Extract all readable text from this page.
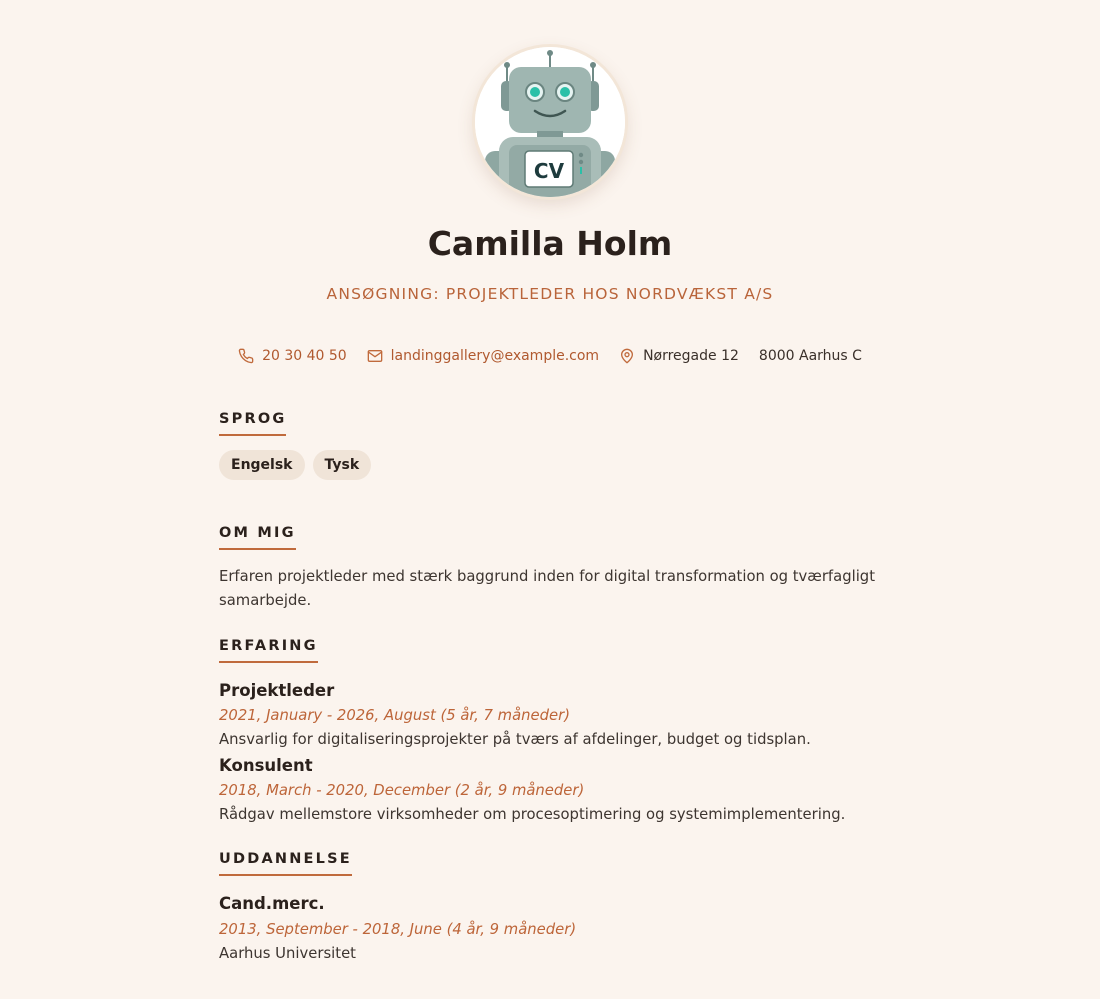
CV
Camilla Holm
ANSØGNING: PROJEKTLEDER HOS NORDVÆKST A/S
20 30 40 50	landinggallery@example.com	Nørregade 12 8000 Aarhus C
SPROG
Engelsk	Tysk
OM MIG
Erfaren projektleder med stærk baggrund inden for digital transformation og tværfagligt samarbejde.
ERFARING
Projektleder
2021, January - 2026, August (5 år, 7 måneder)
Ansvarlig for digitaliseringsprojekter på tværs af afdelinger, budget og tidsplan.
Konsulent
2018, March - 2020, December (2 år, 9 måneder)
Rådgav mellemstore virksomheder om procesoptimering og systemimplementering.
UDDANNELSE
Cand.merc.
2013, September - 2018, June (4 år, 9 måneder)
Aarhus Universitet
